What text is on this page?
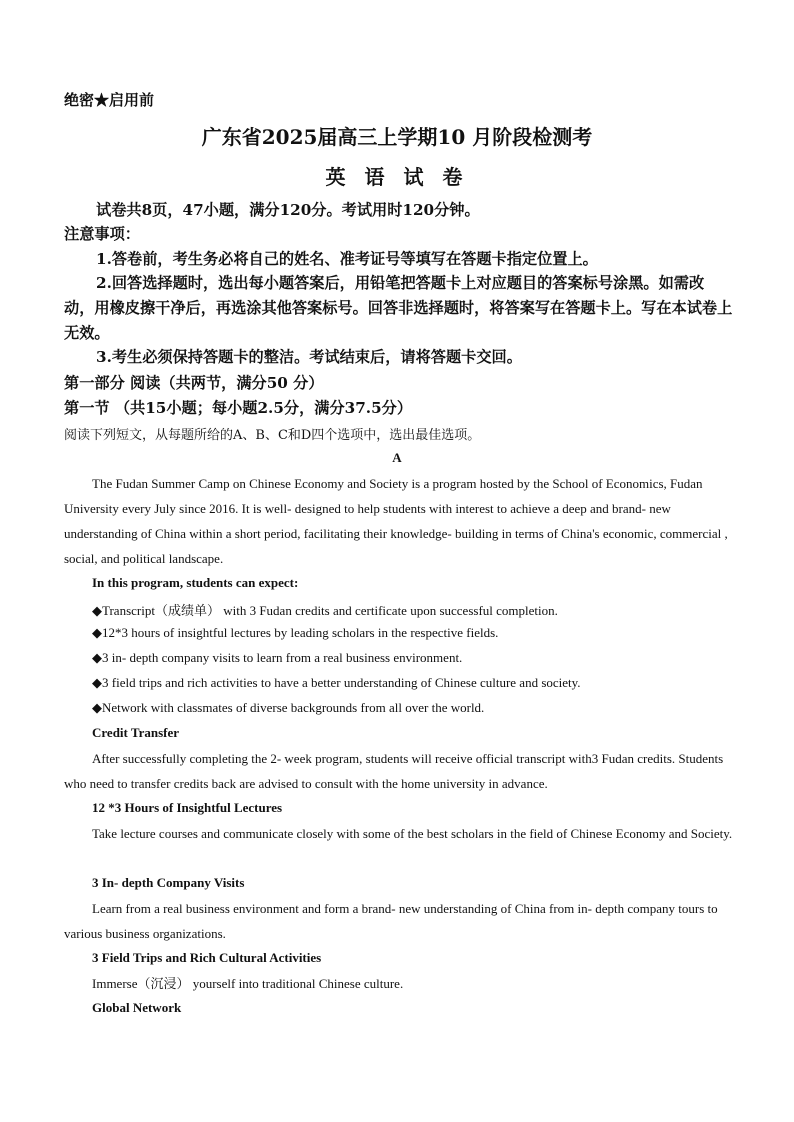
绝密★启用前
广东省2025届高三上学期10 月阶段检测考
英 语 试 卷
试卷共8页，47小题，满分120分。考试用时120分钟。
注意事项：
1.答卷前，考生务必将自己的姓名、准考证号等填写在答题卡指定位置上。
2.回答选择题时，选出每小题答案后，用铅笔把答题卡上对应题目的答案标号涂黑。如需改动，用橡皮擦干净后，再选涂其他答案标号。回答非选择题时，将答案写在答题卡上。写在本试卷上无效。
3.考生必须保持答题卡的整洁。考试结束后，请将答题卡交回。
第一部分 阅读（共两节，满分50 分）
第一节 （共15小题；每小题2.5分，满分37.5分）
阅读下列短文，从每题所给的A、B、C和D四个选项中，选出最佳选项。
A
The Fudan Summer Camp on Chinese Economy and Society is a program hosted by the School of Economics, Fudan University every July since 2016. It is well- designed to help students with interest to achieve a deep and brand- new understanding of China within a short period, facilitating their knowledge- building in terms of China's economic, commercial , social, and political landscape.
In this program, students can expect:
◆Transcript（成绩单） with 3 Fudan credits and certificate upon successful completion.
◆12*3 hours of insightful lectures by leading scholars in the respective fields.
◆3 in- depth company visits to learn from a real business environment.
◆3 field trips and rich activities to have a better understanding of Chinese culture and society.
◆Network with classmates of diverse backgrounds from all over the world.
Credit Transfer
After successfully completing the 2- week program, students will receive official transcript with3 Fudan credits. Students who need to transfer credits back are advised to consult with the home university in advance.
12 *3 Hours of Insightful Lectures
Take lecture courses and communicate closely with some of the best scholars in the field of Chinese Economy and Society.
3 In- depth Company Visits
Learn from a real business environment and form a brand- new understanding of China from in- depth company tours to various business organizations.
3 Field Trips and Rich Cultural Activities
Immerse（沉浸） yourself into traditional Chinese culture.
Global Network
